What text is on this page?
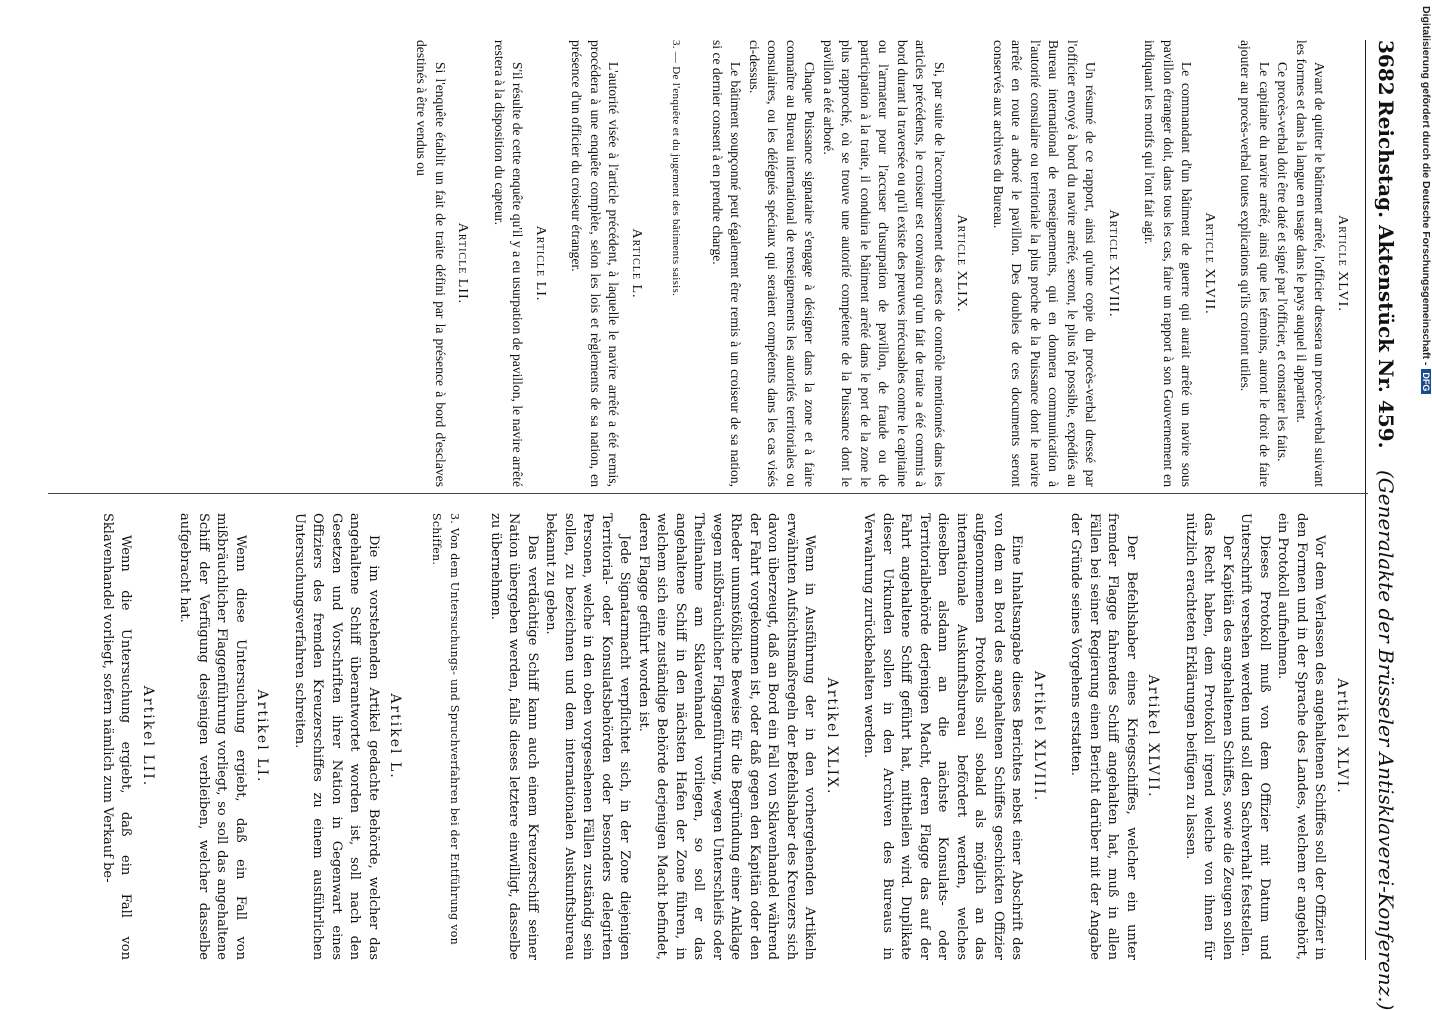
3682
Reichstag. Aktenstück Nr. 459.
(Generalakte der Brüsseler Antisklaverei-Konferenz.)
Article XLVI.

Avant de quitter le bâtiment arrêté, l'officier dressera un procès-verbal suivant les formes et dans la langue en usage dans le pays auquel il appartient.

Ce procès-verbal doit être daté et signé par l'officier, et constater les faits.

Le capitaine du navire arrêté, ainsi que les témoins, auront le droit de faire ajouter au procès-verbal toutes explications qu'ils croiront utiles.

Article XLVII.

Le commandant d'un bâtiment de guerre qui aurait arrêté un navire sous pavillon étranger doit, dans tous les cas, faire un rapport à son Gouvernement en indiquant les motifs qui l'ont fait agir.

Article XLVIII.

Un résumé de ce rapport, ainsi qu'une copie du procès-verbal dressé par l'officier envoyé à bord du navire arrêté, seront, le plus tôt possible, expédiés au Bureau international de renseignements, qui en donnera communication à l'autorité consulaire ou territoriale la plus proche de la Puissance dont le navire arrêté en route a arboré le pavillon. Des doubles de ces documents seront conservés aux archives du Bureau.

Article XLIX.

Si, par suite de l'accomplissement des actes de contrôle mentionnés dans les articles précédents, le croiseur est convaincu qu'un fait de traite a été commis à bord durant la traversée ou qu'il existe des preuves irrécusables contre le capitaine ou l'armateur pour l'accuser d'usurpation de pavillon, de fraude ou de participation à la traite, il conduira le bâtiment arrêté dans le port de la zone le plus rapproché, où se trouve une autorité compétente de la Puissance dont le pavillon a été arboré.

Chaque Puissance signataire s'engage à désigner dans la zone et à faire connaître au Bureau international de renseignements les autorités territoriales ou consulaires, ou les délégués spéciaux qui seraient compétents dans les cas visés ci-dessus.

Le bâtiment soupçonné peut également être remis à un croiseur de sa nation, si ce dernier consent à en prendre charge.

3. — De l'enquête et du jugement des bâtiments saisis.
Article L.

L'autorité visée à l'article précédent, à laquelle le navire arrêté a été remis, procédera à une enquête complète, selon les lois et règlements de sa nation, en présence d'un officier du croiseur étranger.

Article LI.

S'il résulte de cette enquête qu'il y a eu usurpation de pavillon, le navire arrêté restera à la disposition du capteur.

Article LII.

Si l'enquête établit un fait de traite défini par la présence à bord d'esclaves destinés à être vendus ou

Artikel XLVI.

Vor dem Verlassen des angehaltenen Schiffes soll der Offizier in den Formen und in der Sprache des Landes, welchem er angehört, ein Protokoll aufnehmen.

Dieses Protokoll muß von dem Offizier mit Datum und Unterschrift versehen werden und soll den Sachverhalt feststellen.

Der Kapitän des angehaltenen Schiffes, sowie die Zeugen sollen das Recht haben, dem Protokoll irgend welche von ihnen für nützlich erachteten Erklärungen beifügen zu lassen.

Artikel XLVII.

Der Befehlshaber eines Kriegsschiffes, welcher ein unter fremder Flagge fahrendes Schiff angehalten hat, muß in allen Fällen bei seiner Regierung einen Bericht darüber mit der Angabe der Gründe seines Vorgehens erstatten.

Artikel XLVIII.

Eine Inhaltsangabe dieses Berichtes nebst einer Abschrift des von dem an Bord des angehaltenen Schiffes geschickten Offizier aufgenommenen Protokolls soll sobald als möglich an das internationale Auskunftsbureau befördert werden, welches dieselben alsdann an die nächste Konsulats- oder Territorialbehörde derjenigen Macht, deren Flagge das auf der Fahrt angehaltene Schiff geführt hat, mittheilen wird. Duplikate dieser Urkunden sollen in den Archiven des Bureaus in Verwahrung zurückbehalten werden.

Artikel XLIX.

Wenn in Ausführung der in den vorhergehenden Artikeln erwähnten Aufsichtsmaßregeln der Befehlshaber des Kreuzers sich davon überzeugt, daß an Bord ein Fall von Sklavenhandel während der Fahrt vorgekommen ist, oder daß gegen den Kapitän oder den Rheder unumstößliche Beweise für die Begründung einer Anklage wegen mißbräuchlicher Flaggenführung, wegen Unterschleifs oder Theilnahme am Sklavenhandel vorliegen, so soll er das angehaltene Schiff in den nächsten Hafen der Zone führen, in welchem sich eine zuständige Behörde derjenigen Macht befindet, deren Flagge geführt worden ist.

Jede Signatarmacht verpflichtet sich, in der Zone diejenigen Territorial- oder Konsulatsbehörden oder besonders delegirten Personen, welche in den oben vorgesehenen Fällen zuständig sein sollen, zu bezeichnen und dem internationalen Auskunftsbureau bekannt zu geben.

Das verdächtige Schiff kann auch einem Kreuzerschiff seiner Nation übergeben werden, falls dieses letztere einwilligt, dasselbe zu übernehmen.

3. Von dem Untersuchungs- und Spruchverfahren bei der Entführung von Schiffen.
Artikel L.

Die im vorstehenden Artikel gedachte Behörde, welcher das angehaltene Schiff überantwortet worden ist, soll nach den Gesetzen und Vorschriften ihrer Nation in Gegenwart eines Offiziers des fremden Kreuzerschiffes zu einem ausführlichen Untersuchungsverfahren schreiten.

Artikel LI.

Wenn diese Untersuchung ergiebt, daß ein Fall von mißbräuchlicher Flaggenführung vorliegt, so soll das angehaltene Schiff der Verfügung desjenigen verbleiben, welcher dasselbe aufgebracht hat.

Artikel LII.

Wenn die Untersuchung ergiebt, daß ein Fall von Sklavenhandel vorliegt, sofern nämlich zum Verkauf be-

Digitalisierung gefördert durch die Deutsche Forschungsgemeinschaft -DFG
